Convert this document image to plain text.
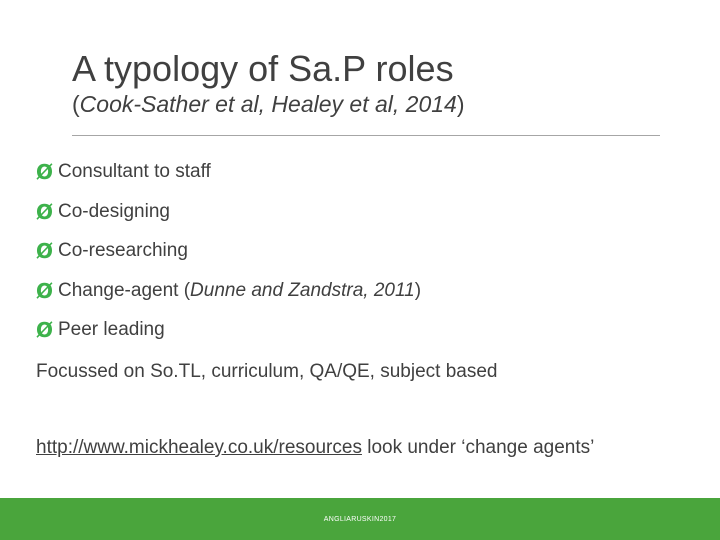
A typology of Sa.P roles
(Cook-Sather et al, Healey et al, 2014)
Ø Consultant to staff
Ø Co-designing
Ø Co-researching
Ø Change-agent (Dunne and Zandstra, 2011)
Ø Peer leading
Focussed on So.TL, curriculum, QA/QE, subject based
http://www.mickhealey.co.uk/resources look under ‘change agents’
ANGLIARUSKIN2017
